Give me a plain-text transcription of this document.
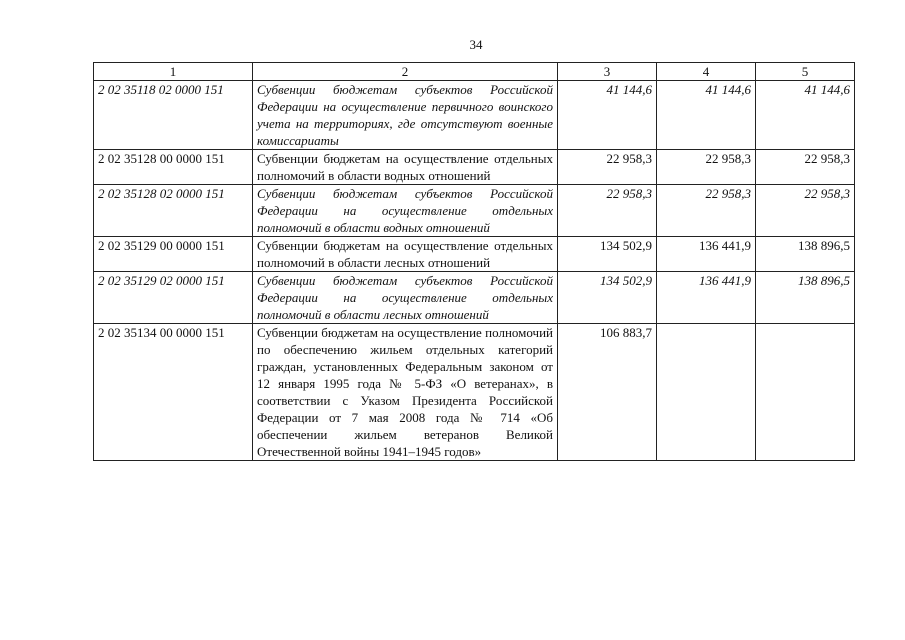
34
1	2	3	4	5
2 02 35118 02 0000 151	Субвенции бюджетам субъектов Российской Федерации на осуществление первичного воинского учета на территориях, где отсутствуют военные комиссариаты	41 144,6	41 144,6	41 144,6
2 02 35128 00 0000 151	Субвенции бюджетам на осуществление отдельных полномочий в области водных отношений	22 958,3	22 958,3	22 958,3
2 02 35128 02 0000 151	Субвенции бюджетам субъектов Российской Федерации на осуществление отдельных полномочий в области водных отношений	22 958,3	22 958,3	22 958,3
2 02 35129 00 0000 151	Субвенции бюджетам на осуществление отдельных полномочий в области лесных отношений	134 502,9	136 441,9	138 896,5
2 02 35129 02 0000 151	Субвенции бюджетам субъектов Российской Федерации на осуществление отдельных полномочий в области лесных отношений	134 502,9	136 441,9	138 896,5
2 02 35134 00 0000 151	Субвенции бюджетам на осуществление полномочий по обеспечению жильем отдельных категорий граждан, установленных Федеральным законом от 12 января 1995 года № 5-ФЗ «О ветеранах», в соответствии с Указом Президента Российской Федерации от 7 мая 2008 года № 714 «Об обеспечении жильем ветеранов Великой Отечественной войны 1941–1945 годов»	106 883,7		
